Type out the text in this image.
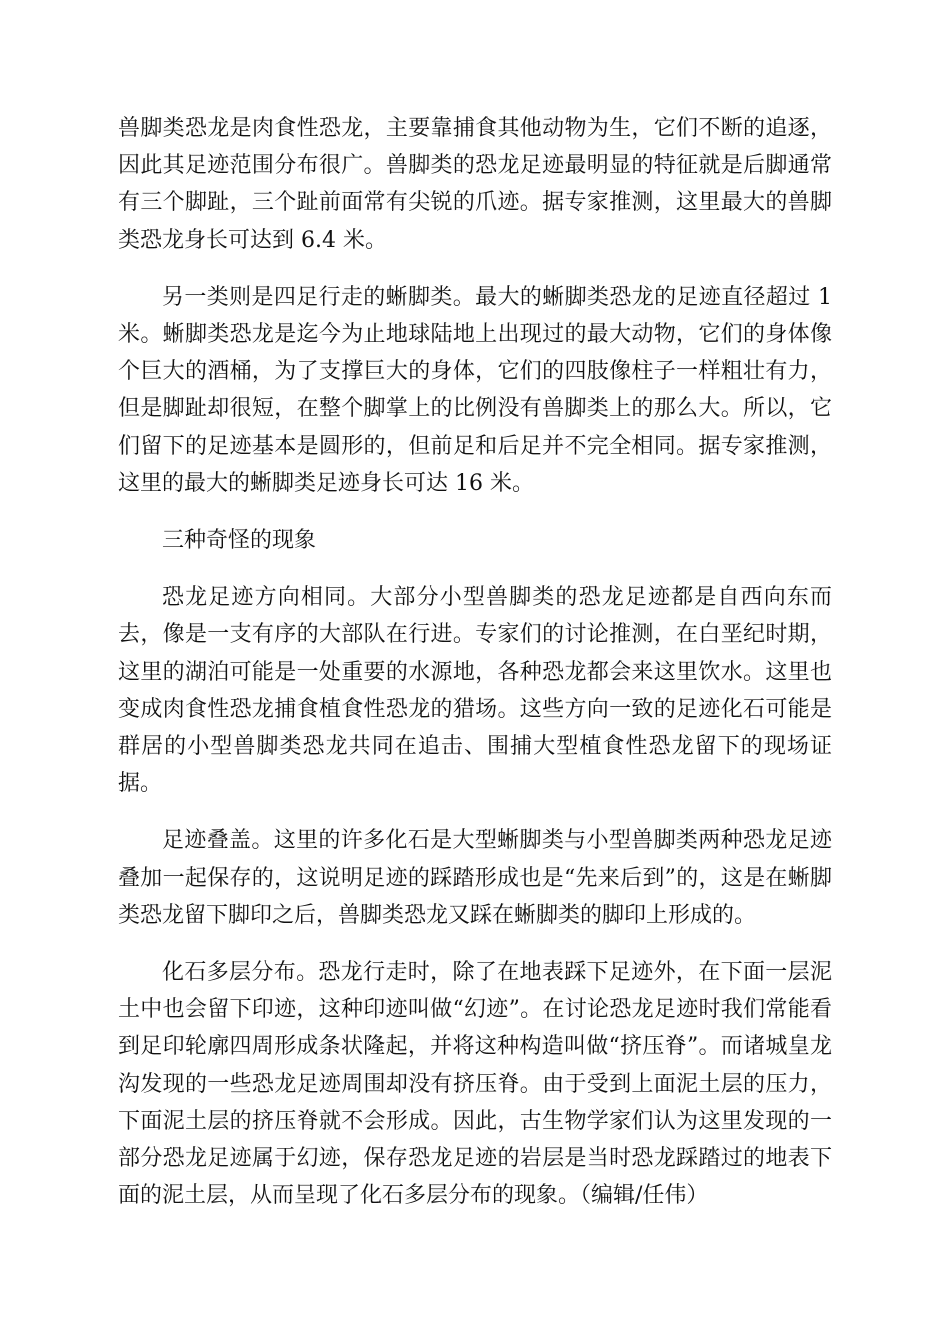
兽脚类恐龙是肉食性恐龙，主要靠捕食其他动物为生，它们不断的追逐，因此其足迹范围分布很广。兽脚类的恐龙足迹最明显的特征就是后脚通常有三个脚趾，三个趾前面常有尖锐的爪迹。据专家推测，这里最大的兽脚类恐龙身长可达到 6.4 米。

另一类则是四足行走的蜥脚类。最大的蜥脚类恐龙的足迹直径超过 1 米。蜥脚类恐龙是迄今为止地球陆地上出现过的最大动物，它们的身体像个巨大的酒桶，为了支撑巨大的身体，它们的四肢像柱子一样粗壮有力，但是脚趾却很短，在整个脚掌上的比例没有兽脚类上的那么大。所以，它们留下的足迹基本是圆形的，但前足和后足并不完全相同。据专家推测，这里的最大的蜥脚类足迹身长可达 16 米。

三种奇怪的现象

恐龙足迹方向相同。大部分小型兽脚类的恐龙足迹都是自西向东而去，像是一支有序的大部队在行进。专家们的讨论推测，在白垩纪时期，这里的湖泊可能是一处重要的水源地，各种恐龙都会来这里饮水。这里也变成肉食性恐龙捕食植食性恐龙的猎场。这些方向一致的足迹化石可能是群居的小型兽脚类恐龙共同在追击、围捕大型植食性恐龙留下的现场证据。

足迹叠盖。这里的许多化石是大型蜥脚类与小型兽脚类两种恐龙足迹叠加一起保存的，这说明足迹的踩踏形成也是“先来后到”的，这是在蜥脚类恐龙留下脚印之后，兽脚类恐龙又踩在蜥脚类的脚印上形成的。

化石多层分布。恐龙行走时，除了在地表踩下足迹外，在下面一层泥土中也会留下印迹，这种印迹叫做“幻迹”。在讨论恐龙足迹时我们常能看到足印轮廓四周形成条状隆起，并将这种构造叫做“挤压脊”。而诸城皇龙沟发现的一些恐龙足迹周围却没有挤压脊。由于受到上面泥土层的压力，下面泥土层的挤压脊就不会形成。因此，古生物学家们认为这里发现的一部分恐龙足迹属于幻迹，保存恐龙足迹的岩层是当时恐龙踩踏过的地表下面的泥土层，从而呈现了化石多层分布的现象。（编辑/任伟）
